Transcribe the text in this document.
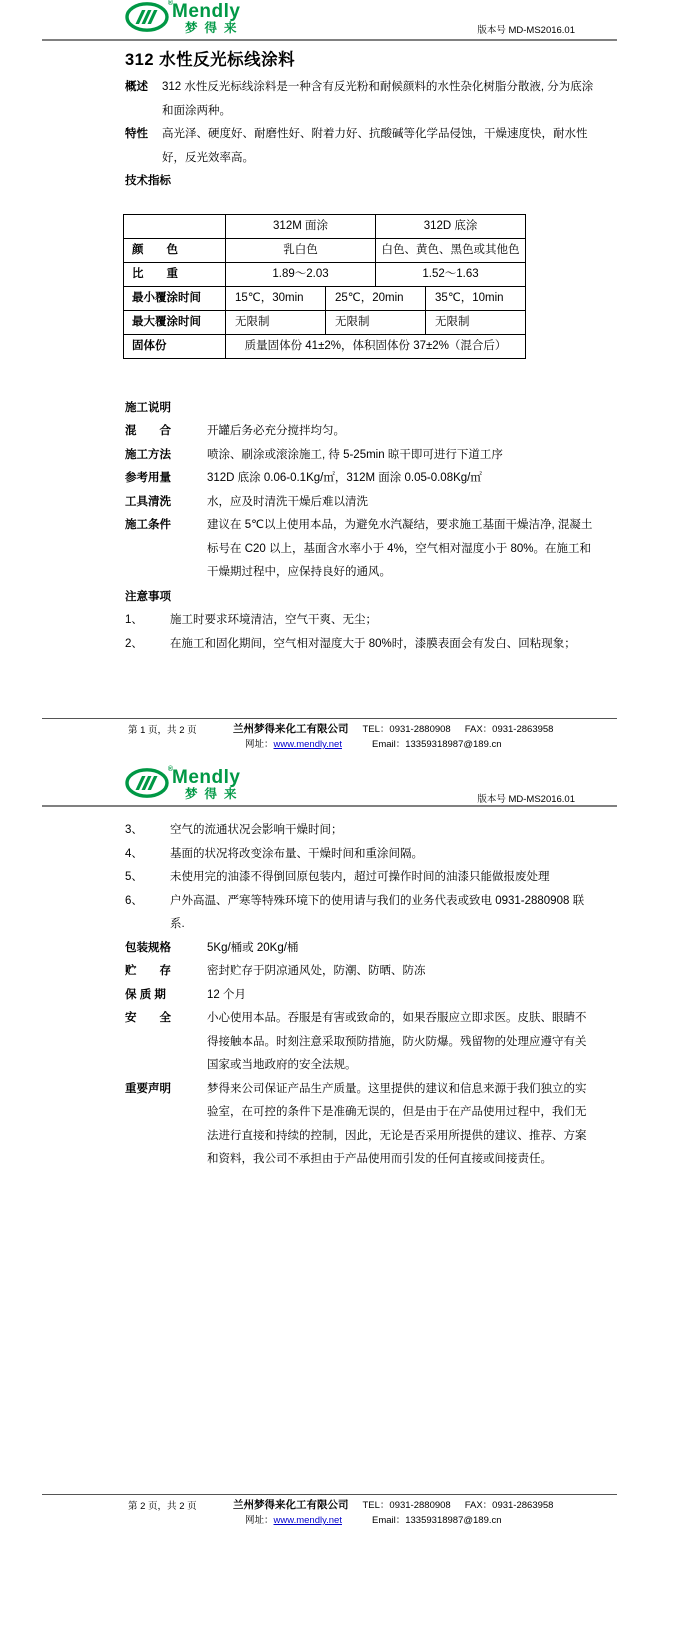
® Mendly
梦得来	版本号 MD-MS2016.01
312 水性反光标线涂料
概述	312 水性反光标线涂料是一种含有反光粉和耐候颜料的水性杂化树脂分散液, 分为底涂和面涂两种。
特性	高光泽、硬度好、耐磨性好、附着力好、抗酸碱等化学品侵蚀，干燥速度快，耐水性好，反光效率高。
技术指标
	312M 面涂		312D 底涂	
颜　　色	乳白色		白色、黄色、黑色或其他色	
比　　重	1.89～2.03		1.52～1.63	
最小覆涂时间	15℃，30min	25℃，20min		35℃，10min
最大覆涂时间	无限制	无限制		无限制
固体份	质量固体份 41±2%，体积固体份 37±2%（混合后）			
施工说明
混　　合	开罐后务必充分搅拌均匀。
施工方法	喷涂、刷涂或滚涂施工, 待 5-25min 晾干即可进行下道工序
参考用量	312D 底涂 0.06-0.1Kg/㎡，312M 面涂 0.05-0.08Kg/㎡
工具清洗	水，应及时清洗干燥后难以清洗
施工条件	建议在 5℃以上使用本品，为避免水汽凝结，要求施工基面干燥洁净, 混凝土标号在 C20 以上，基面含水率小于 4%，空气相对湿度小于 80%。在施工和干燥期过程中，应保持良好的通风。
注意事项
1、	施工时要求环境清洁，空气干爽、无尘；
2、	在施工和固化期间，空气相对湿度大于 80%时，漆膜表面会有发白、回粘现象；
第 1 页，共 2 页	兰州梦得来化工有限公司 TEL：0931-2880908 FAX：0931-2863958
网址：www.mendly.net	Email：13359318987@189.cn
® Mendly
梦得来	版本号 MD-MS2016.01
3、	空气的流通状况会影响干燥时间；
4、	基面的状况将改变涂布量、干燥时间和重涂间隔。
5、	未使用完的油漆不得倒回原包装内，超过可操作时间的油漆只能做报废处理
6、	户外高温、严寒等特殊环境下的使用请与我们的业务代表或致电 0931-2880908 联系.
包装规格	5Kg/桶或 20Kg/桶
贮　　存	密封贮存于阴凉通风处，防潮、防晒、防冻
保 质 期	12 个月
安　　全	小心使用本品。吞服是有害或致命的，如果吞服应立即求医。皮肤、眼睛不得接触本品。时刻注意采取预防措施，防火防爆。残留物的处理应遵守有关国家或当地政府的安全法规。
重要声明	梦得来公司保证产品生产质量。这里提供的建议和信息来源于我们独立的实验室，在可控的条件下是准确无误的，但是由于在产品使用过程中，我们无法进行直接和持续的控制，因此，无论是否采用所提供的建议、推荐、方案和资料，我公司不承担由于产品使用而引发的任何直接或间接责任。
第 2 页，共 2 页	兰州梦得来化工有限公司 TEL：0931-2880908 FAX：0931-2863958
网址：www.mendly.net	Email：13359318987@189.cn
